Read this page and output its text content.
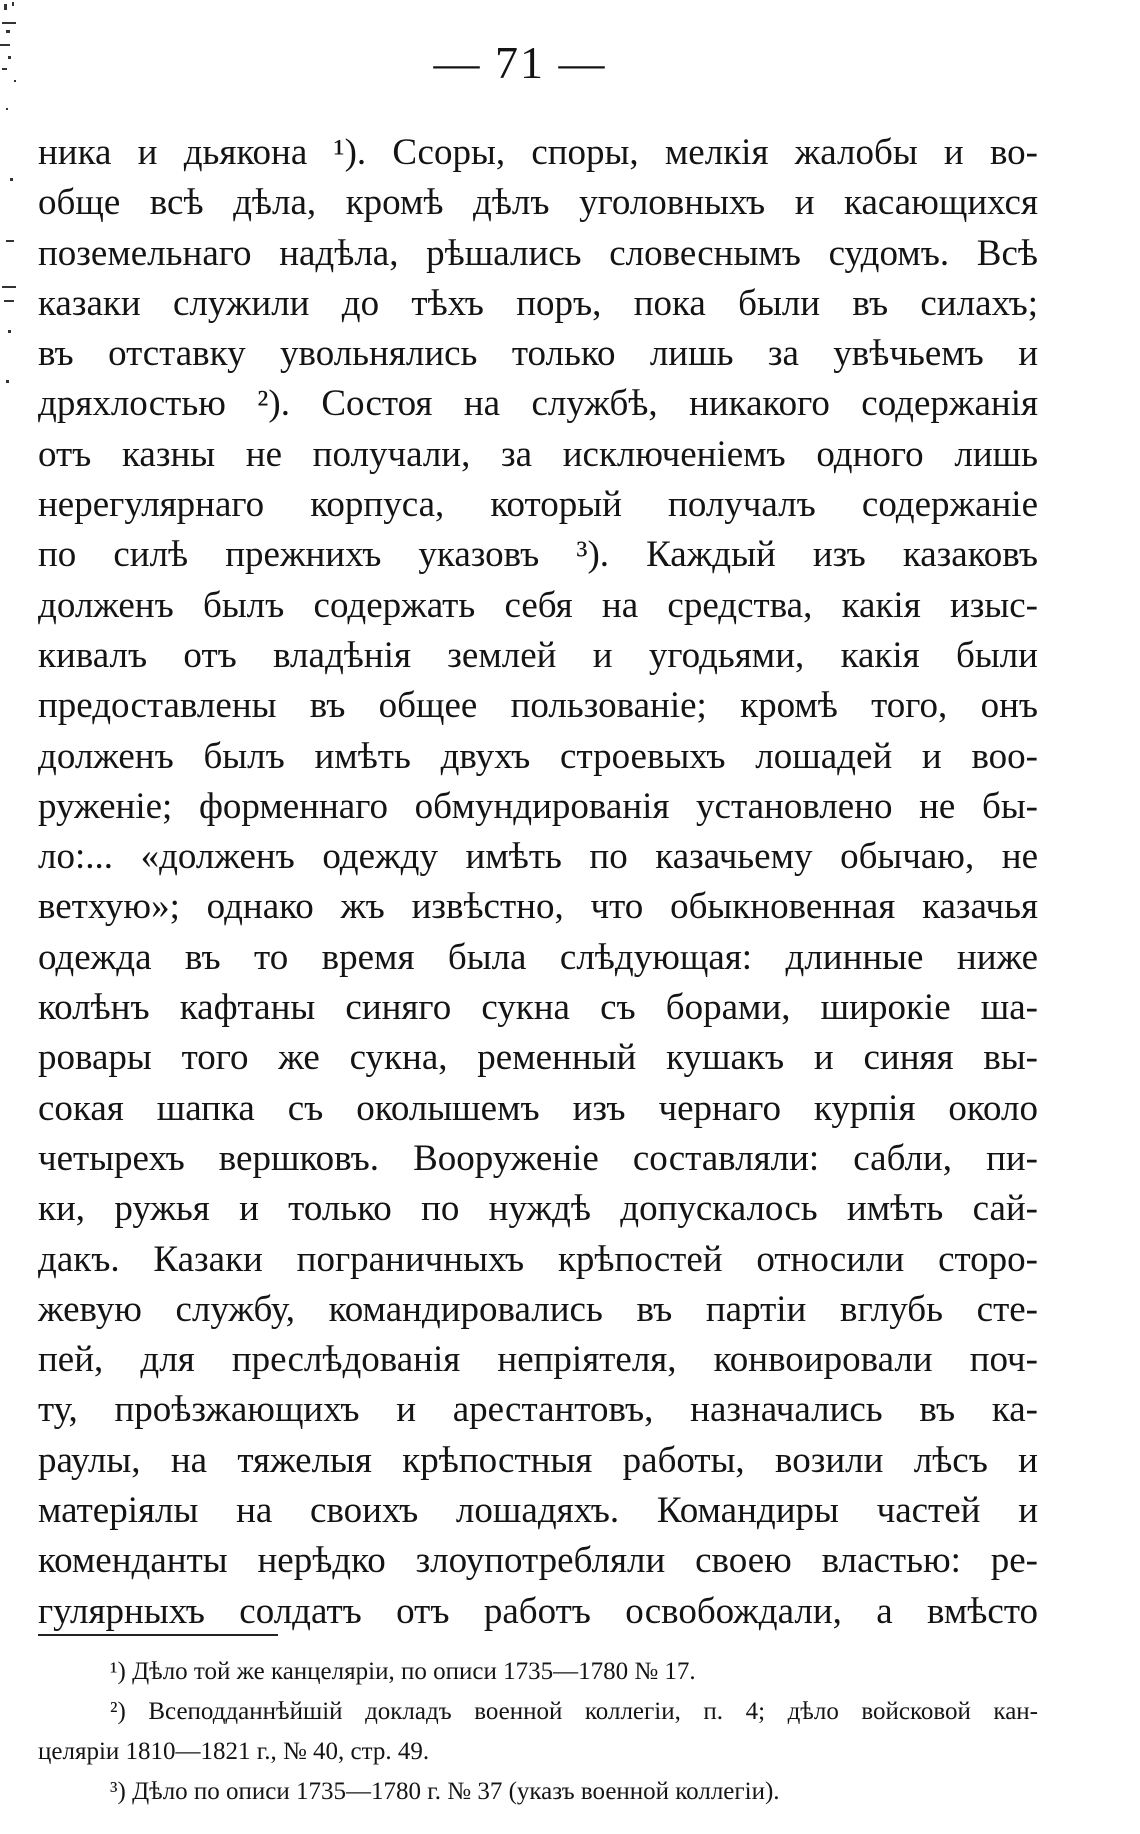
— 71 —
ника и дьякона ¹). Ссоры, споры, мелкія жалобы и во-
обще всѣ дѣла, кромѣ дѣлъ уголовныхъ и касающихся
поземельнаго надѣла, рѣшались словеснымъ судомъ. Всѣ
казаки служили до тѣхъ поръ, пока были въ силахъ;
въ отставку увольнялись только лишь за увѣчьемъ и
дряхлостью ²). Состоя на службѣ, никакого содержанія
отъ казны не получали, за исключеніемъ одного лишь
нерегулярнаго корпуса, который получалъ содержаніе
по силѣ прежнихъ указовъ ³). Каждый изъ казаковъ
долженъ былъ содержать себя на средства, какія изыс-
кивалъ отъ владѣнія землей и угодьями, какія были
предоставлены въ общее пользованіе; кромѣ того, онъ
долженъ былъ имѣть двухъ строевыхъ лошадей и воо-
руженіе; форменнаго обмундированія установлено не бы-
ло:... «долженъ одежду имѣть по казачьему обычаю, не
ветхую»; однако жъ извѣстно, что обыкновенная казачья
одежда въ то время была слѣдующая: длинные ниже
колѣнъ кафтаны синяго сукна съ борами, широкіе ша-
ровары того же сукна, ременный кушакъ и синяя вы-
сокая шапка съ околышемъ изъ чернаго курпія около
четырехъ вершковъ. Вооруженіе составляли: сабли, пи-
ки, ружья и только по нуждѣ допускалось имѣть сай-
дакъ. Казаки пограничныхъ крѣпостей относили сторо-
жевую службу, командировались въ партіи вглубь сте-
пей, для преслѣдованія непріятеля, конвоировали поч-
ту, проѣзжающихъ и арестантовъ, назначались въ ка-
раулы, на тяжелыя крѣпостныя работы, возили лѣсъ и
матеріялы на своихъ лошадяхъ. Командиры частей и
коменданты нерѣдко злоупотребляли своею властью: ре-
гулярныхъ солдатъ отъ работъ освобождали, а вмѣсто
¹) Дѣло той же канцеляріи, по описи 1735—1780 № 17.
²) Всеподданнѣйшій докладъ военной коллегіи, п. 4; дѣло войсковой кан-
целяріи 1810—1821 г., № 40, стр. 49.
³) Дѣло по описи 1735—1780 г. № 37 (указъ военной коллегіи).
